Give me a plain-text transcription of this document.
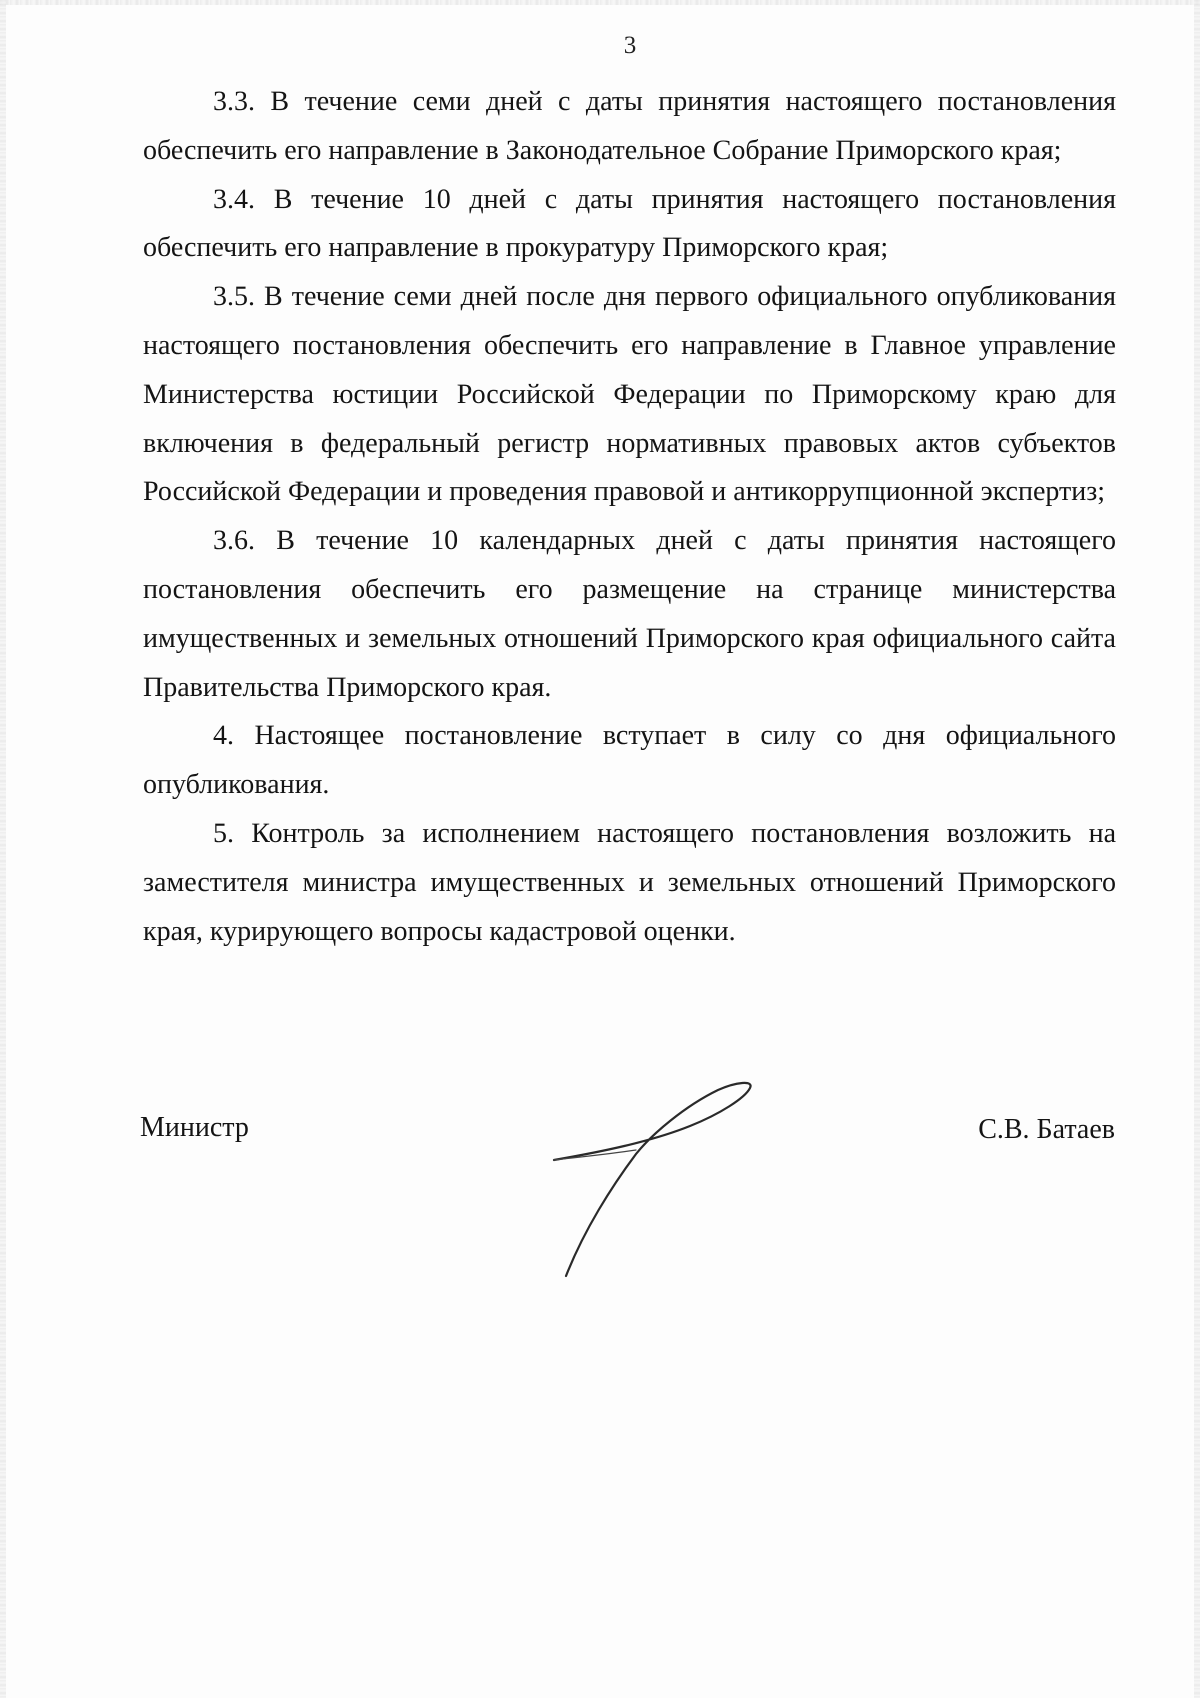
3

3.3. В течение семи дней с даты принятия настоящего постановления обеспечить его направление в Законодательное Собрание Приморского края;

3.4. В течение 10 дней с даты принятия настоящего постановления обеспечить его направление в прокуратуру Приморского края;

3.5. В течение семи дней после дня первого официального опубликования настоящего постановления обеспечить его направление в Главное управление Министерства юстиции Российской Федерации по Приморскому краю для включения в федеральный регистр нормативных правовых актов субъектов Российской Федерации и проведения правовой и антикоррупционной экспертиз;

3.6. В течение 10 календарных дней с даты принятия настоящего постановления обеспечить его размещение на странице министерства имущественных и земельных отношений Приморского края официального сайта Правительства Приморского края.

4. Настоящее постановление вступает в силу со дня официального опубликования.

5. Контроль за исполнением настоящего постановления возложить на заместителя министра имущественных и земельных отношений Приморского края, курирующего вопросы кадастровой оценки.

Министр	С.В. Батаев
